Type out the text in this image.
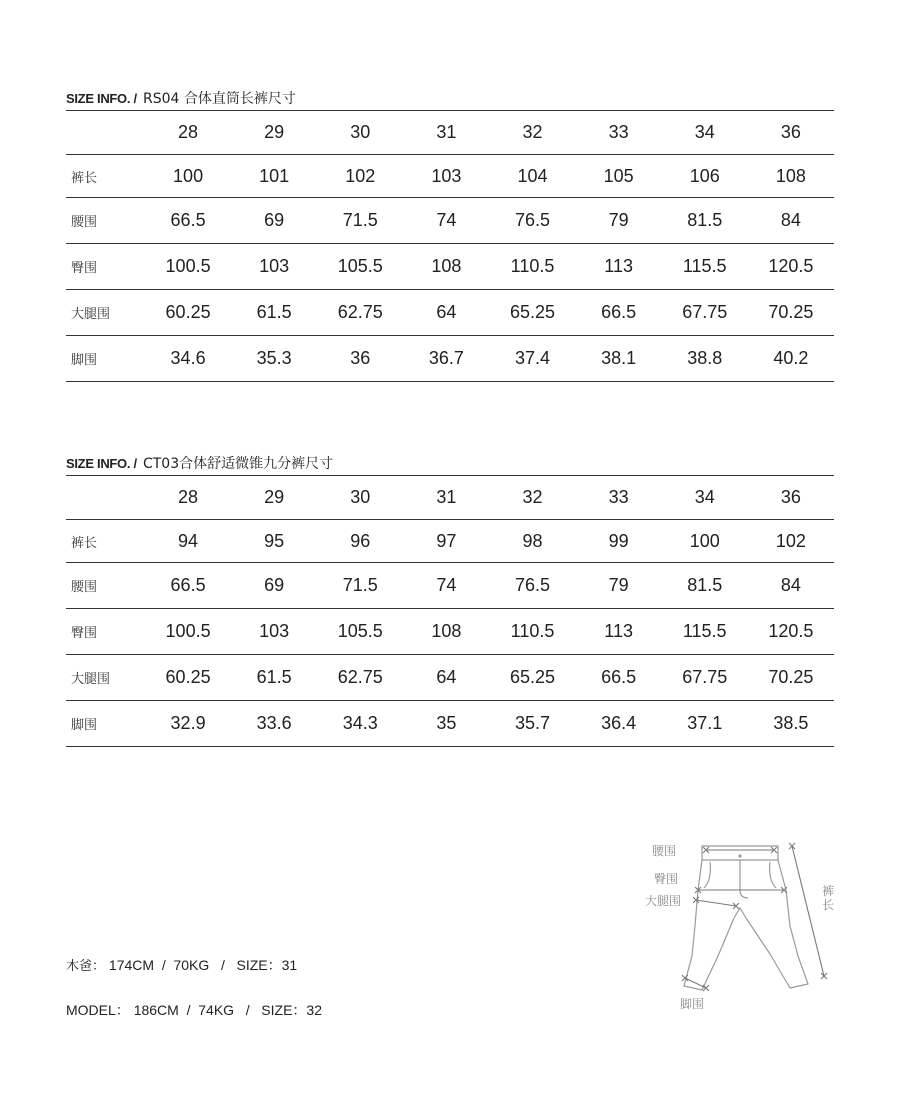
SIZE INFO. / RS04 合体直筒长裤尺寸
	28	29	30	31	32	33	34	36
裤长	100	101	102	103	104	105	106	108
腰围	66.5	69	71.5	74	76.5	79	81.5	84
臀围	100.5	103	105.5	108	110.5	113	115.5	120.5
大腿围	60.25	61.5	62.75	64	65.25	66.5	67.75	70.25
脚围	34.6	35.3	36	36.7	37.4	38.1	38.8	40.2
SIZE INFO. / CT03合体舒适微锥九分裤尺寸
	28	29	30	31	32	33	34	36
裤长	94	95	96	97	98	99	100	102
腰围	66.5	69	71.5	74	76.5	79	81.5	84
臀围	100.5	103	105.5	108	110.5	113	115.5	120.5
大腿围	60.25	61.5	62.75	64	65.25	66.5	67.75	70.25
脚围	32.9	33.6	34.3	35	35.7	36.4	37.1	38.5
木爸： 174CM  /  70KG   /   SIZE：31
MODEL： 186CM  /  74KG   /   SIZE：32
腰围
臀围
大腿围
脚围
裤长
